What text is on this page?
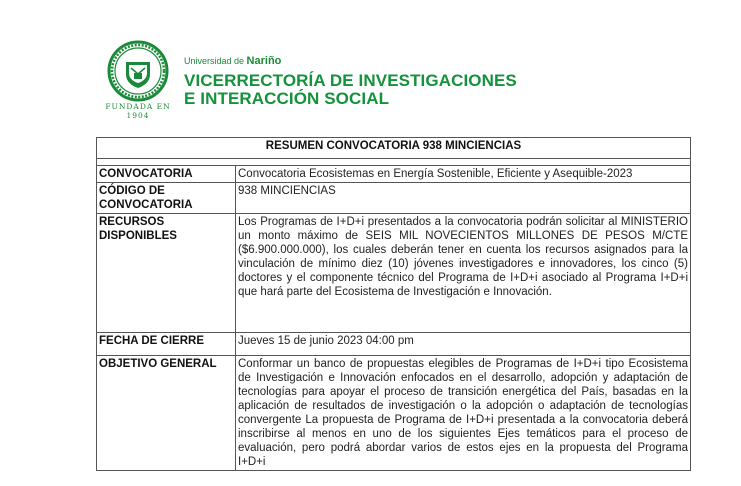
FUNDADA EN 1904
Universidad de Nariño
VICERRECTORÍA DE INVESTIGACIONES
E INTERACCIÓN SOCIAL
RESUMEN CONVOCATORIA 938 MINCIENCIAS	

CONVOCATORIA	Convocatoria Ecosistemas en Energía Sostenible, Eficiente y Asequible-2023
CÓDIGO DE CONVOCATORIA	938 MINCIENCIAS
RECURSOS DISPONIBLES	Los Programas de I+D+i presentados a la convocatoria podrán solicitar al MINISTERIO un monto máximo de SEIS MIL NOVECIENTOS MILLONES DE PESOS M/CTE ($6.900.000.000), los cuales deberán tener en cuenta los recursos asignados para la vinculación de mínimo diez (10) jóvenes investigadores e innovadores, los cinco (5) doctores y el componente técnico del Programa de I+D+i asociado al Programa I+D+i que hará parte del Ecosistema de Investigación e Innovación.
FECHA DE CIERRE	Jueves 15 de junio 2023 04:00 pm
OBJETIVO GENERAL	Conformar un banco de propuestas elegibles de Programas de I+D+i tipo Ecosistema de Investigación e Innovación enfocados en el desarrollo, adopción y adaptación de tecnologías para apoyar el proceso de transición energética del País, basadas en la aplicación de resultados de investigación o la adopción o adaptación de tecnologías convergente La propuesta de Programa de I+D+i presentada a la convocatoria deberá inscribirse al menos en uno de los siguientes Ejes temáticos para el proceso de evaluación, pero podrá abordar varios de estos ejes en la propuesta del Programa I+D+i
